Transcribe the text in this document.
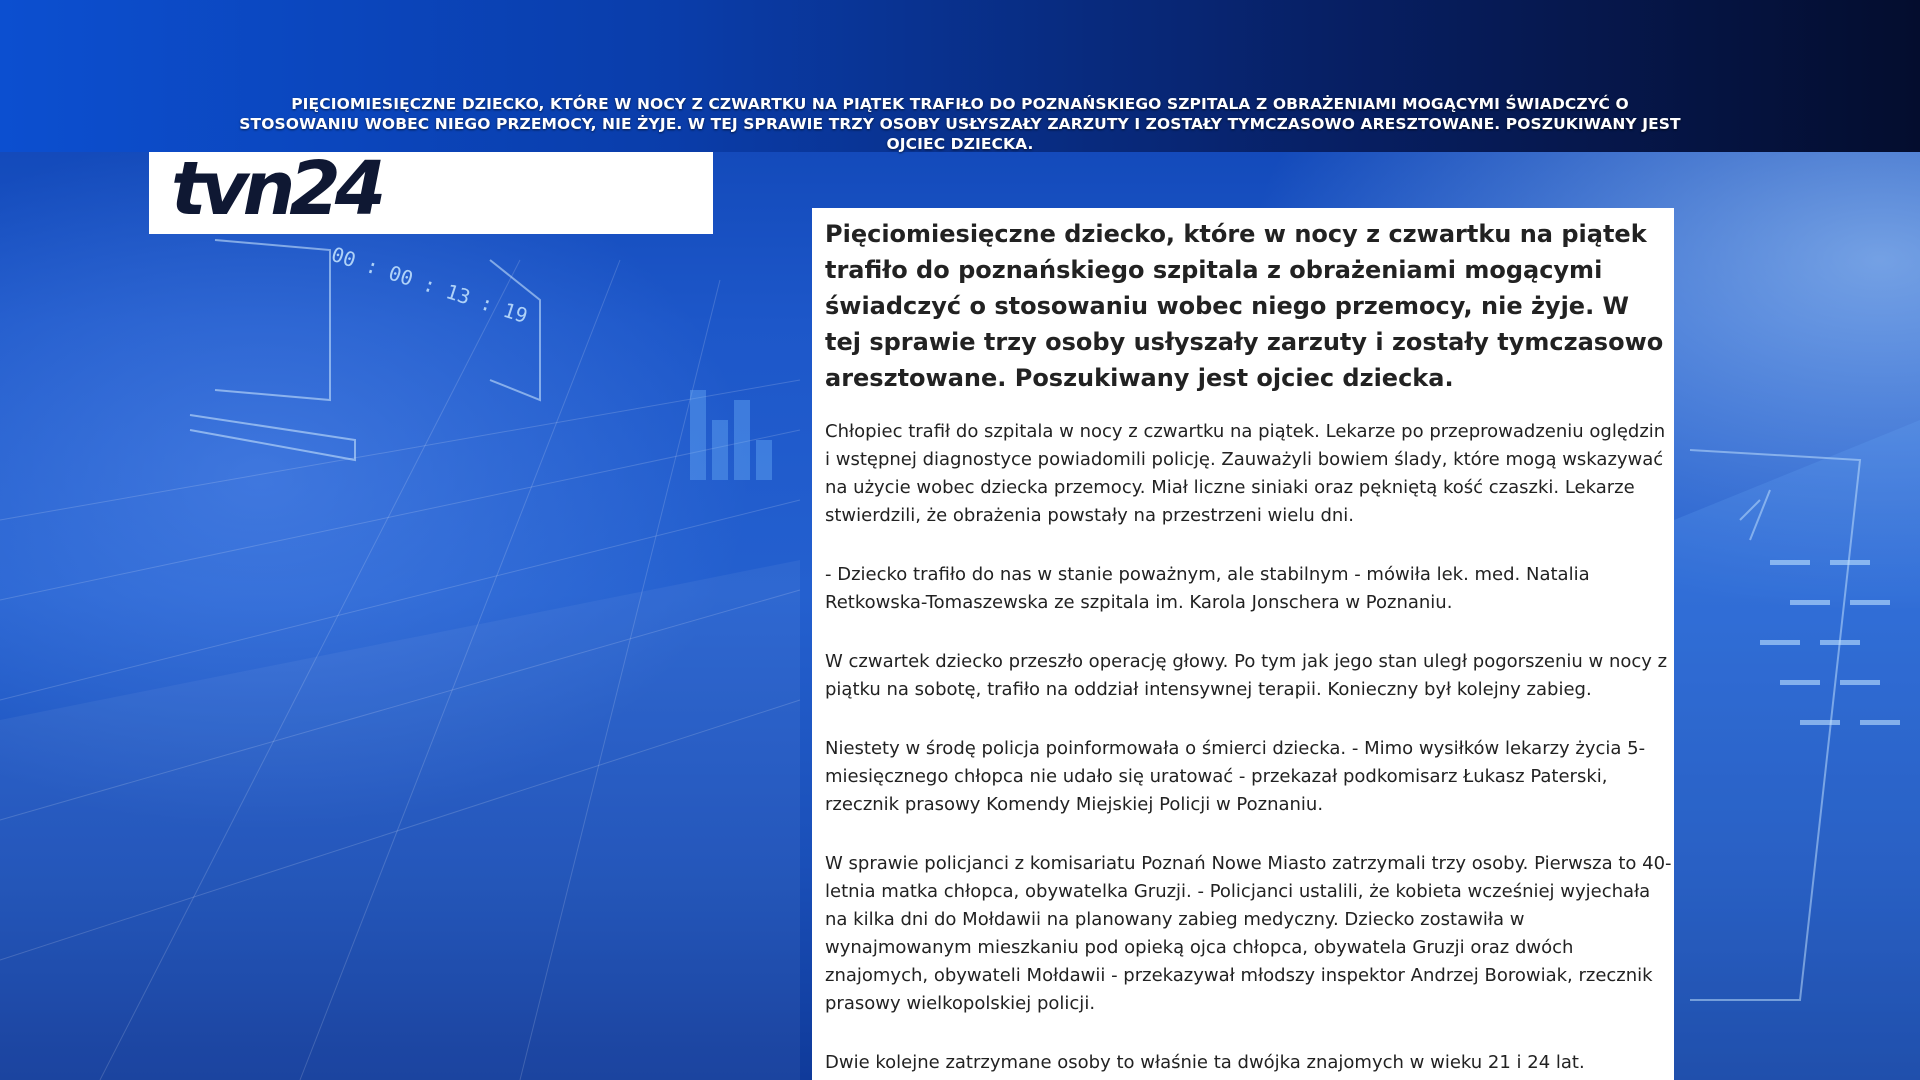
00 : 00 : 13 : 19
PIĘCIOMIESIĘCZNE DZIECKO, KTÓRE W NOCY Z CZWARTKU NA PIĄTEK TRAFIŁO DO POZNAŃSKIEGO SZPITALA Z OBRAŻENIAMI MOGĄCYMI ŚWIADCZYĆ O STOSOWANIU WOBEC NIEGO PRZEMOCY, NIE ŻYJE. W TEJ SPRAWIE TRZY OSOBY USŁYSZAŁY ZARZUTY I ZOSTAŁY TYMCZASOWO ARESZTOWANE. POSZUKIWANY JEST OJCIEC DZIECKA.
tvn24

Pięciomiesięczne dziecko, które w nocy z czwartku na piątek trafiło do poznańskiego szpitala z obrażeniami mogącymi świadczyć o stosowaniu wobec niego przemocy, nie żyje. W tej sprawie trzy osoby usłyszały zarzuty i zostały tymczasowo aresztowane. Poszukiwany jest ojciec dziecka.

Chłopiec trafił do szpitala w nocy z czwartku na piątek. Lekarze po przeprowadzeniu oględzin i wstępnej diagnostyce powiadomili policję. Zauważyli bowiem ślady, które mogą wskazywać na użycie wobec dziecka przemocy. Miał liczne siniaki oraz pękniętą kość czaszki. Lekarze stwierdzili, że obrażenia powstały na przestrzeni wielu dni.

- Dziecko trafiło do nas w stanie poważnym, ale stabilnym - mówiła lek. med. Natalia Retkowska-Tomaszewska ze szpitala im. Karola Jonschera w Poznaniu.

W czwartek dziecko przeszło operację głowy. Po tym jak jego stan uległ pogorszeniu w nocy z piątku na sobotę, trafiło na oddział intensywnej terapii. Konieczny był kolejny zabieg.

Niestety w środę policja poinformowała o śmierci dziecka. - Mimo wysiłków lekarzy życia 5-miesięcznego chłopca nie udało się uratować - przekazał podkomisarz Łukasz Paterski, rzecznik prasowy Komendy Miejskiej Policji w Poznaniu.

W sprawie policjanci z komisariatu Poznań Nowe Miasto zatrzymali trzy osoby. Pierwsza to 40-letnia matka chłopca, obywatelka Gruzji. - Policjanci ustalili, że kobieta wcześniej wyjechała na kilka dni do Mołdawii na planowany zabieg medyczny. Dziecko zostawiła w wynajmowanym mieszkaniu pod opieką ojca chłopca, obywatela Gruzji oraz dwóch znajomych, obywateli Mołdawii - przekazywał młodszy inspektor Andrzej Borowiak, rzecznik prasowy wielkopolskiej policji.

Dwie kolejne zatrzymane osoby to właśnie ta dwójka znajomych w wieku 21 i 24 lat.
